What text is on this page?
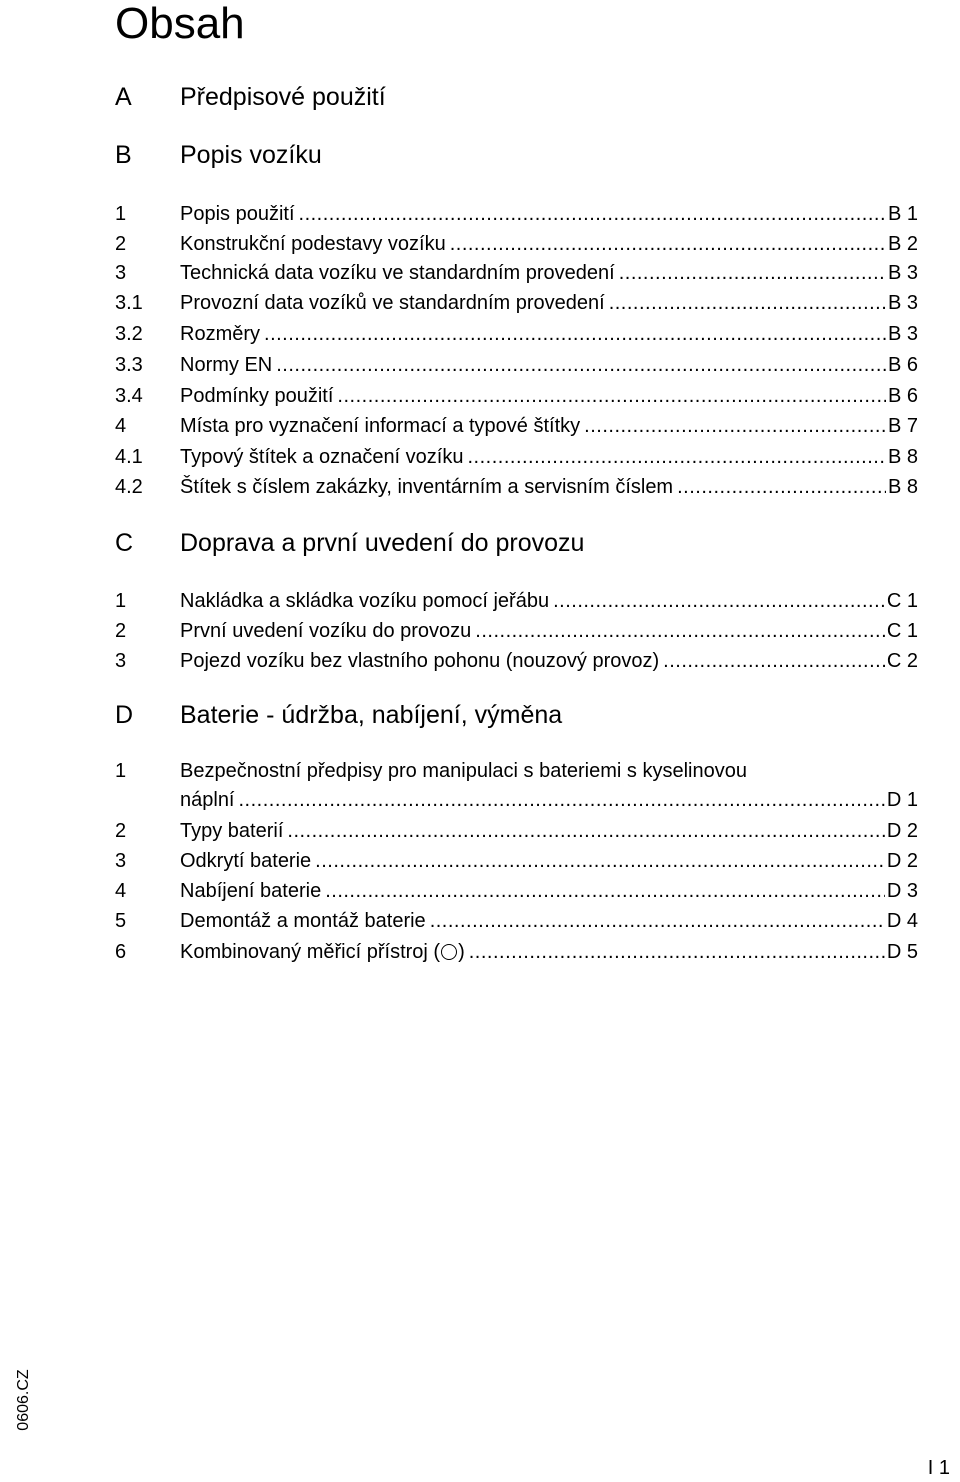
Obsah
A	Předpisové použití
B	Popis vozíku
1	Popis použití .....	B 1
2	Konstrukční podestavy vozíku .....	B 2
3	Technická data vozíku ve standardním provedení .....	B 3
3.1	Provozní data vozíků ve standardním provedení .....	B 3
3.2	Rozměry .....	B 3
3.3	Normy EN .....	B 6
3.4	Podmínky použití .....	B 6
4	Místa pro vyznačení informací a typové štítky .....	B 7
4.1	Typový štítek a označení vozíku .....	B 8
4.2	Štítek s číslem zakázky, inventárním a servisním číslem .....	B 8
C	Doprava a první uvedení do provozu
1	Nakládka a skládka vozíku pomocí jeřábu .....	C 1
2	První uvedení vozíku do provozu .....	C 1
3	Pojezd vozíku bez vlastního pohonu (nouzový provoz) .....	C 2
D	Baterie - údržba, nabíjení, výměna
1	Bezpečnostní předpisy pro manipulaci s bateriemi s kyselinovou
náplní .....	D 1
2	Typy baterií .....	D 2
3	Odkrytí baterie .....	D 2
4	Nabíjení baterie .....	D 3
5	Demontáž a montáž baterie .....	D 4
6	Kombinovaný měřicí přístroj ( ) .....	D 5
0606.CZ
I 1
